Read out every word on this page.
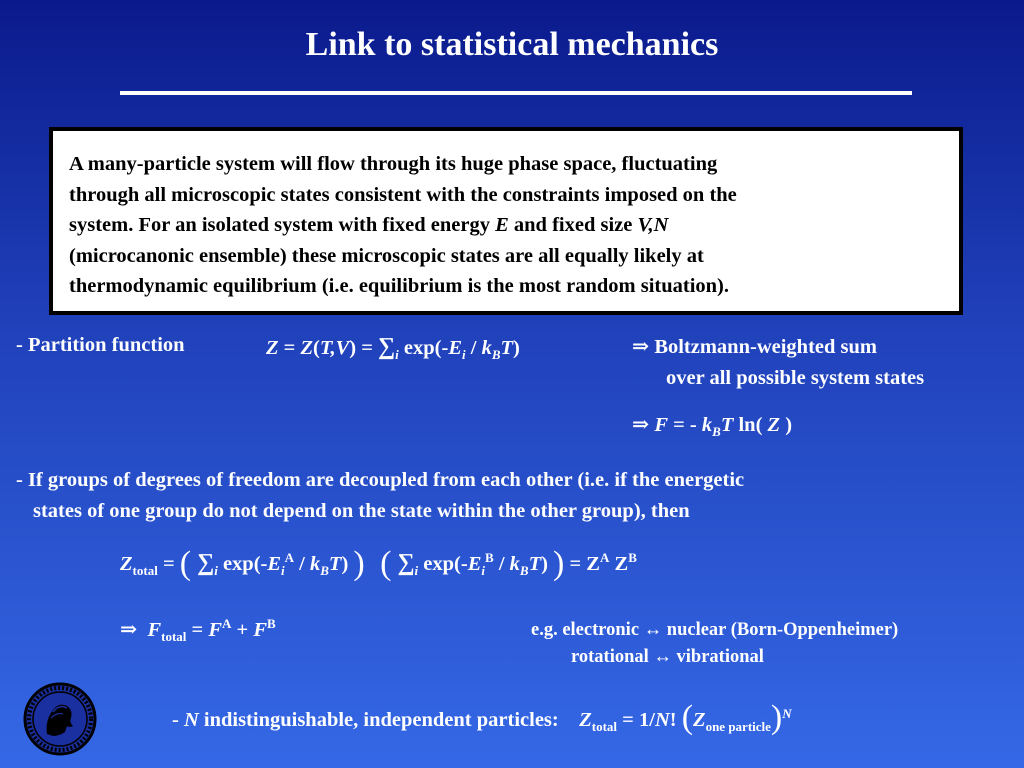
Link to statistical mechanics
A many-particle system will flow through its huge phase space, fluctuating
through all microscopic states consistent with the constraints imposed on the
system. For an isolated system with fixed energy E and fixed size V,N
(microcanonic ensemble) these microscopic states are all equally likely at
thermodynamic equilibrium (i.e. equilibrium is the most random situation).
- Partition function	$Z = Z(T,V) = \sum_i$ $\exp(-E_i / k_BT)$	⇒ Boltzmann-weighted sum
over all possible system states
⇒ F = - $k_BT$ ln( Z )
- If groups of degrees of freedom are decoupled from each other (i.e. if the energetic
states of one group do not depend on the state within the other group), then
$Z_{total}$ = ( $\sum_i$ $\exp(-E_i^A / k_BT)$ ) ( $\sum_i$ $\exp(-E_i^B / k_BT)$ ) = $Z^A$ $Z^B$
⇒ $F_{total} = F^A + F^B$	e.g. electronic ↔ nuclear (Born-Oppenheimer)
rotational ↔ vibrational
- N indistinguishable, independent particles: $Z_{total} = 1/N$! $(Z_{one particle})^N$
